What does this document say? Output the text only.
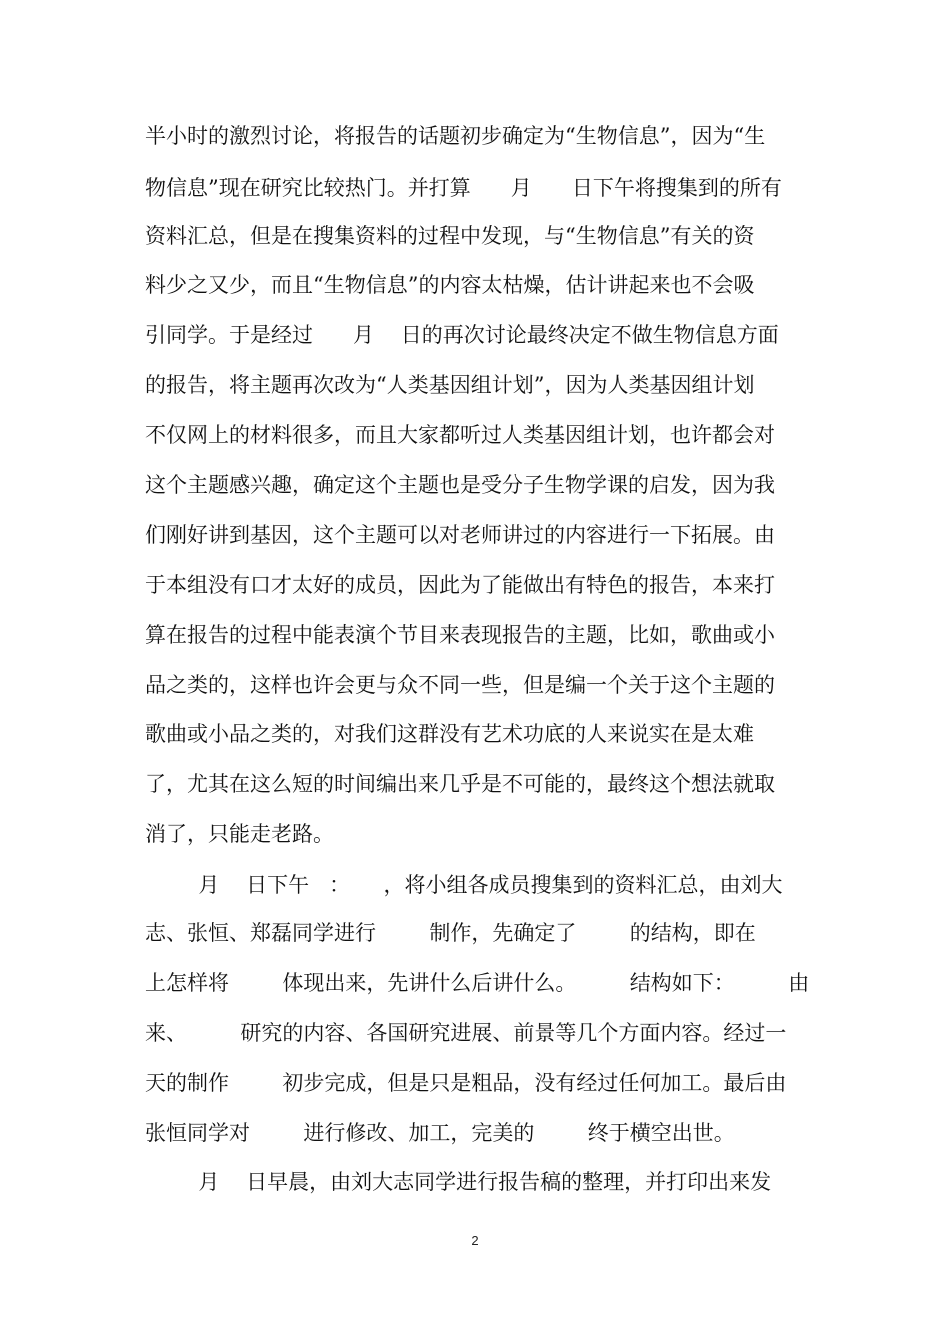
半小时的激烈讨论，将报告的话题初步确定为“生物信息”，因为“生
物信息”现在研究比较热门。并打算      月      日下午将搜集到的所有
资料汇总，但是在搜集资料的过程中发现，与“生物信息”有关的资
料少之又少，而且“生物信息”的内容太枯燥，估计讲起来也不会吸
引同学。于是经过      月    日的再次讨论最终决定不做生物信息方面
的报告，将主题再次改为“人类基因组计划”，因为人类基因组计划
不仅网上的材料很多，而且大家都听过人类基因组计划，也许都会对
这个主题感兴趣，确定这个主题也是受分子生物学课的启发，因为我
们刚好讲到基因，这个主题可以对老师讲过的内容进行一下拓展。由
于本组没有口才太好的成员，因此为了能做出有特色的报告，本来打
算在报告的过程中能表演个节目来表现报告的主题，比如，歌曲或小
品之类的，这样也许会更与众不同一些，但是编一个关于这个主题的
歌曲或小品之类的，对我们这群没有艺术功底的人来说实在是太难
了，尤其在这么短的时间编出来几乎是不可能的，最终这个想法就取
消了，只能走老路。
月    日下午   ：     ，将小组各成员搜集到的资料汇总，由刘大
志、张恒、郑磊同学进行        制作，先确定了        的结构，即在
上怎样将        体现出来，先讲什么后讲什么。        结构如下：        由
来、        研究的内容、各国研究进展、前景等几个方面内容。经过一
天的制作        初步完成，但是只是粗品，没有经过任何加工。最后由
张恒同学对        进行修改、加工，完美的        终于横空出世。
月    日早晨，由刘大志同学进行报告稿的整理，并打印出来发
2
